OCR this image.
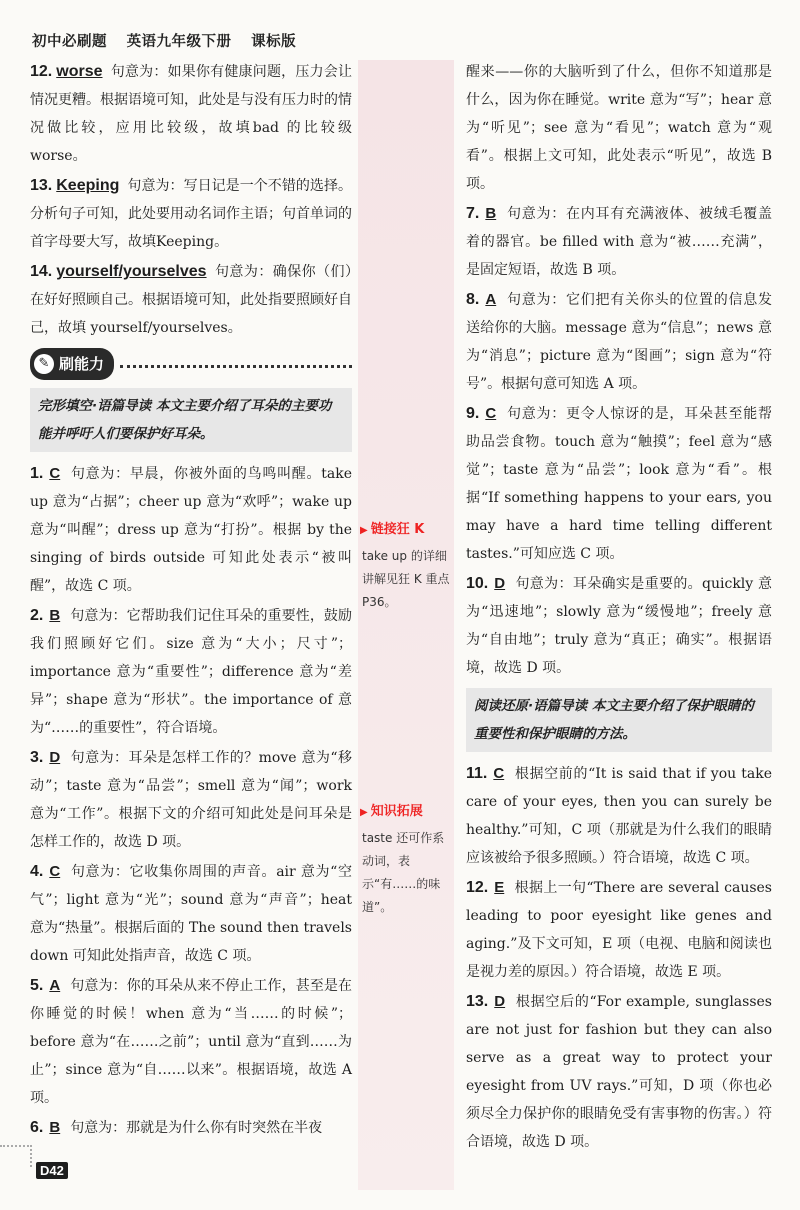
初中必刷题 英语九年级下册 课标版
▶ 链接狂 K
take up 的详细讲解见狂 K 重点 P36。
▶ 知识拓展
taste 还可作系动词，表示“有……的味道”。
12. worse 句意为：如果你有健康问题，压力会让情况更糟。根据语境可知，此处是与没有压力时的情况做比较，应用比较级，故填bad 的比较级 worse。
13. Keeping 句意为：写日记是一个不错的选择。分析句子可知，此处要用动名词作主语；句首单词的首字母要大写，故填Keeping。
14. yourself/yourselves 句意为：确保你（们）在好好照顾自己。根据语境可知，此处指要照顾好自己，故填 yourself/yourselves。
✎ 刷能力
完形填空·语篇导读 本文主要介绍了耳朵的主要功能并呼吁人们要保护好耳朵。
1. C 句意为：早晨，你被外面的鸟鸣叫醒。take up 意为“占据”；cheer up 意为“欢呼”；wake up 意为“叫醒”；dress up 意为“打扮”。根据 by the singing of birds outside 可知此处表示“被叫醒”，故选 C 项。
2. B 句意为：它帮助我们记住耳朵的重要性，鼓励我们照顾好它们。size 意为“大小；尺寸”；importance 意为“重要性”；difference 意为“差异”；shape 意为“形状”。the importance of 意为“……的重要性”，符合语境。
3. D 句意为：耳朵是怎样工作的？move 意为“移动”；taste 意为“品尝”；smell 意为“闻”；work 意为“工作”。根据下文的介绍可知此处是问耳朵是怎样工作的，故选 D 项。
4. C 句意为：它收集你周围的声音。air 意为“空气”；light 意为“光”；sound 意为“声音”；heat 意为“热量”。根据后面的 The sound then travels down 可知此处指声音，故选 C 项。
5. A 句意为：你的耳朵从来不停止工作，甚至是在你睡觉的时候！when 意为“当……的时候”；before 意为“在……之前”；until 意为“直到……为止”；since 意为“自……以来”。根据语境，故选 A 项。
6. B 句意为：那就是为什么你有时突然在半夜
醒来——你的大脑听到了什么，但你不知道那是什么，因为你在睡觉。write 意为“写”；hear 意为“听见”；see 意为“看见”；watch 意为“观看”。根据上文可知，此处表示“听见”，故选 B 项。
7. B 句意为：在内耳有充满液体、被绒毛覆盖着的器官。be filled with 意为“被……充满”，是固定短语，故选 B 项。
8. A 句意为：它们把有关你头的位置的信息发送给你的大脑。message 意为“信息”；news 意为“消息”；picture 意为“图画”；sign 意为“符号”。根据句意可知选 A 项。
9. C 句意为：更令人惊讶的是，耳朵甚至能帮助品尝食物。touch 意为“触摸”；feel 意为“感觉”；taste 意为“品尝”；look 意为“看”。根据“If something happens to your ears, you may have a hard time telling different tastes.”可知应选 C 项。
10. D 句意为：耳朵确实是重要的。quickly 意为“迅速地”；slowly 意为“缓慢地”；freely 意为“自由地”；truly 意为“真正；确实”。根据语境，故选 D 项。
阅读还原·语篇导读 本文主要介绍了保护眼睛的重要性和保护眼睛的方法。
11. C 根据空前的“It is said that if you take care of your eyes, then you can surely be healthy.”可知，C 项（那就是为什么我们的眼睛应该被给予很多照顾。）符合语境，故选 C 项。
12. E 根据上一句“There are several causes leading to poor eyesight like genes and aging.”及下文可知，E 项（电视、电脑和阅读也是视力差的原因。）符合语境，故选 E 项。
13. D 根据空后的“For example, sunglasses are not just for fashion but they can also serve as a great way to protect your eyesight from UV rays.”可知，D 项（你也必须尽全力保护你的眼睛免受有害事物的伤害。）符合语境，故选 D 项。
D42
